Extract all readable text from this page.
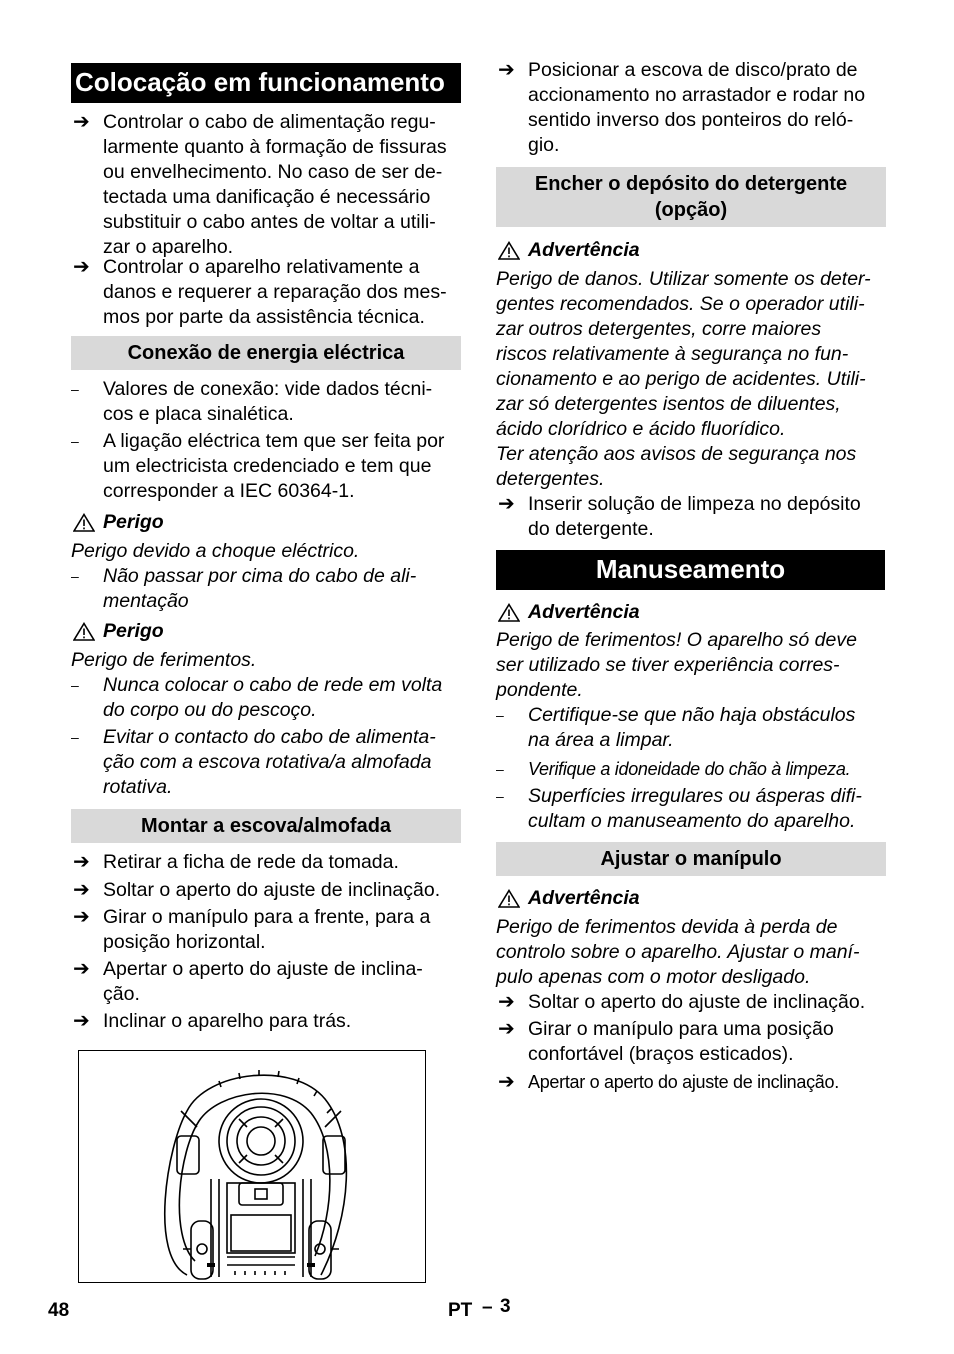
Colocação em funcionamento
➔ Controlar o cabo de alimentação regu-
larmente quanto à formação de fissuras
ou envelhecimento. No caso de ser de-
tectada uma danificação é necessário
substituir o cabo antes de voltar a utili-
zar o aparelho.
➔ Controlar o aparelho relativamente a
danos e requerer a reparação dos mes-
mos por parte da assistência técnica.
Conexão de energia eléctrica
–	Valores de conexão: vide dados técni-
cos e placa sinalética.
–	A ligação eléctrica tem que ser feita por
um electricista credenciado e tem que
corresponder a IEC 60364-1.
Perigo
Perigo devido a choque eléctrico.
–	Não passar por cima do cabo de ali-
mentação
Perigo
Perigo de ferimentos.
–	Nunca colocar o cabo de rede em volta
do corpo ou do pescoço.
–	Evitar o contacto do cabo de alimenta-
ção com a escova rotativa/a almofada
rotativa.
Montar a escova/almofada
➔ Retirar a ficha de rede da tomada.
➔ Soltar o aperto do ajuste de inclinação.
➔ Girar o manípulo para a frente, para a
posição horizontal.
➔ Apertar o aperto do ajuste de inclina-
ção.
➔ Inclinar o aparelho para trás.
➔ Posicionar a escova de disco/prato de
accionamento no arrastador e rodar no
sentido inverso dos ponteiros do reló-
gio.
Encher o depósito do detergente
(opção)
Advertência
Perigo de danos. Utilizar somente os deter-
gentes recomendados. Se o operador utili-
zar outros detergentes, corre maiores
riscos relativamente à segurança no fun-
cionamento e ao perigo de acidentes. Utili-
zar só detergentes isentos de diluentes,
ácido clorídrico e ácido fluorídico.
Ter atenção aos avisos de segurança nos
detergentes.
➔ Inserir solução de limpeza no depósito
do detergente.
Manuseamento
Advertência
Perigo de ferimentos! O aparelho só deve
ser utilizado se tiver experiência corres-
pondente.
–	Certifique-se que não haja obstáculos
na área a limpar.
–	Verifique a idoneidade do chão à limpeza.
–	Superfícies irregulares ou ásperas difi-
cultam o manuseamento do aparelho.
Ajustar o manípulo
Advertência
Perigo de ferimentos devida à perda de
controlo sobre o aparelho. Ajustar o maní-
pulo apenas com o motor desligado.
➔ Soltar o aperto do ajuste de inclinação.
➔ Girar o manípulo para uma posição
confortável (braços esticados).
➔ Apertar o aperto do ajuste de inclinação.
48	PT – 3
